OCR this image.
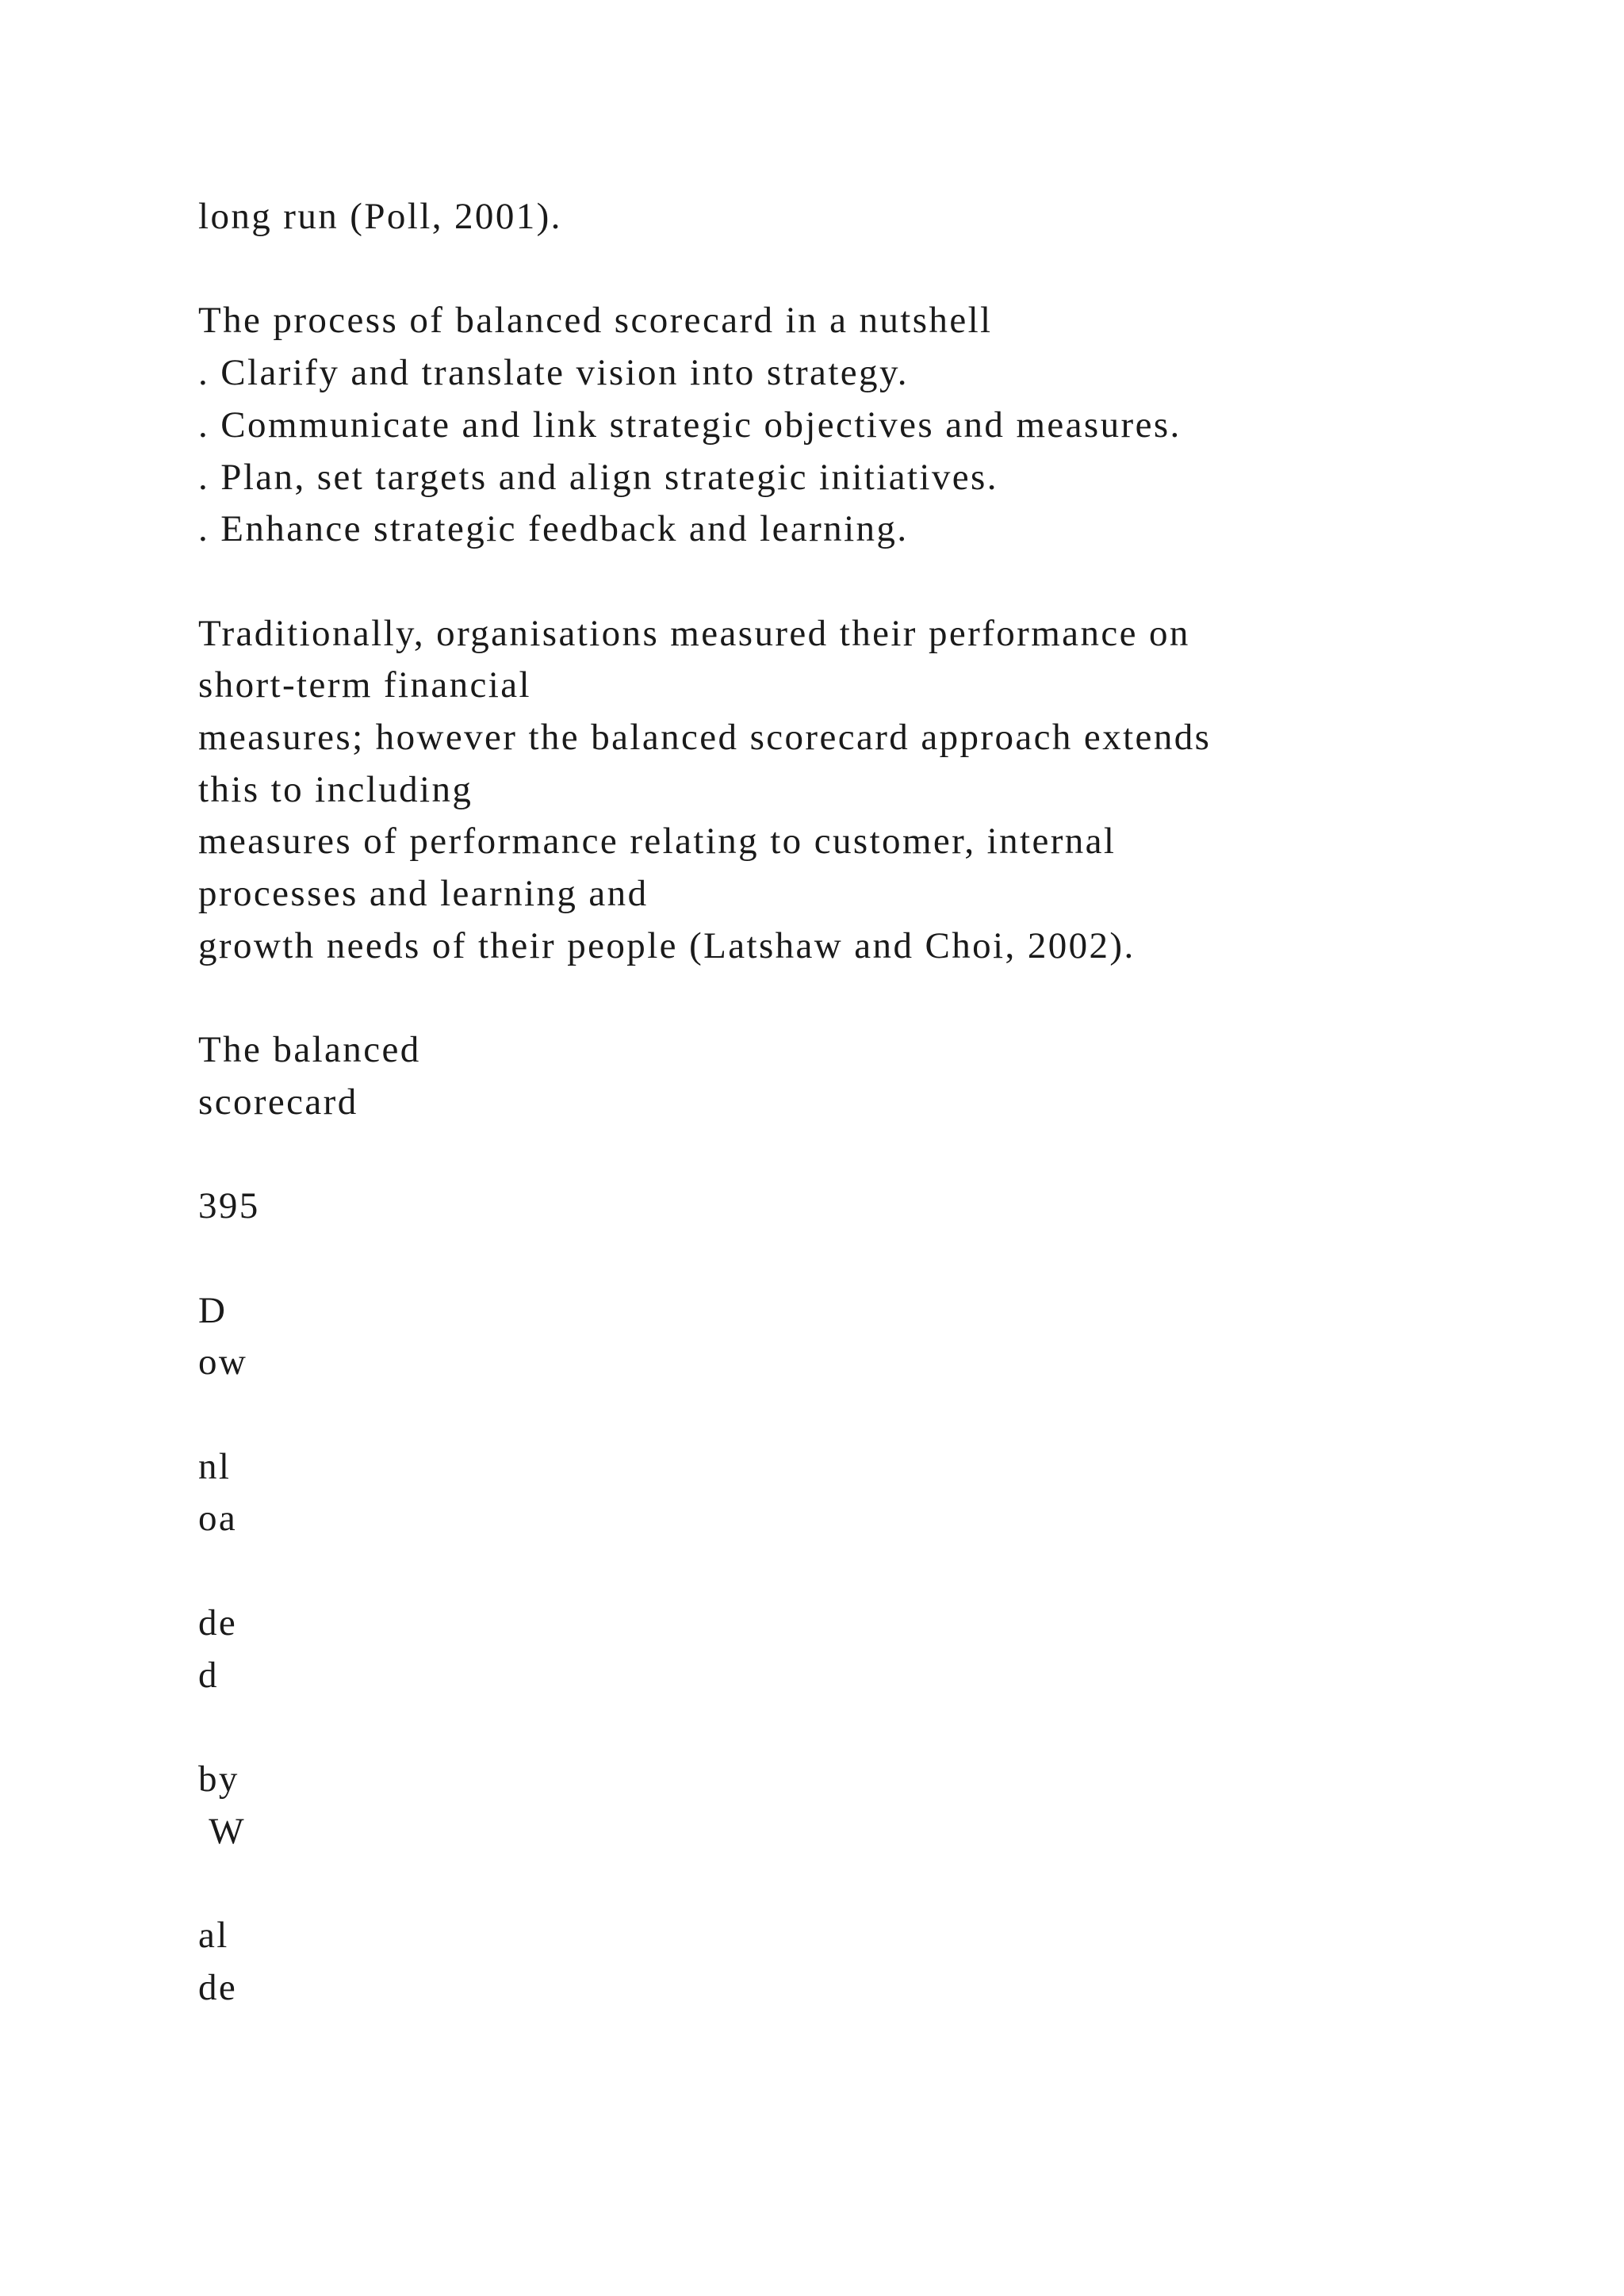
long run (Poll, 2001).
The process of balanced scorecard in a nutshell
. Clarify and translate vision into strategy.
. Communicate and link strategic objectives and measures.
. Plan, set targets and align strategic initiatives.
. Enhance strategic feedback and learning.
Traditionally, organisations measured their performance on
short-term financial
measures; however the balanced scorecard approach extends
this to including
measures of performance relating to customer, internal
processes and learning and
growth needs of their people (Latshaw and Choi, 2002).
The balanced
scorecard
395
D
ow
nl
oa
de
d
by
W
al
de
